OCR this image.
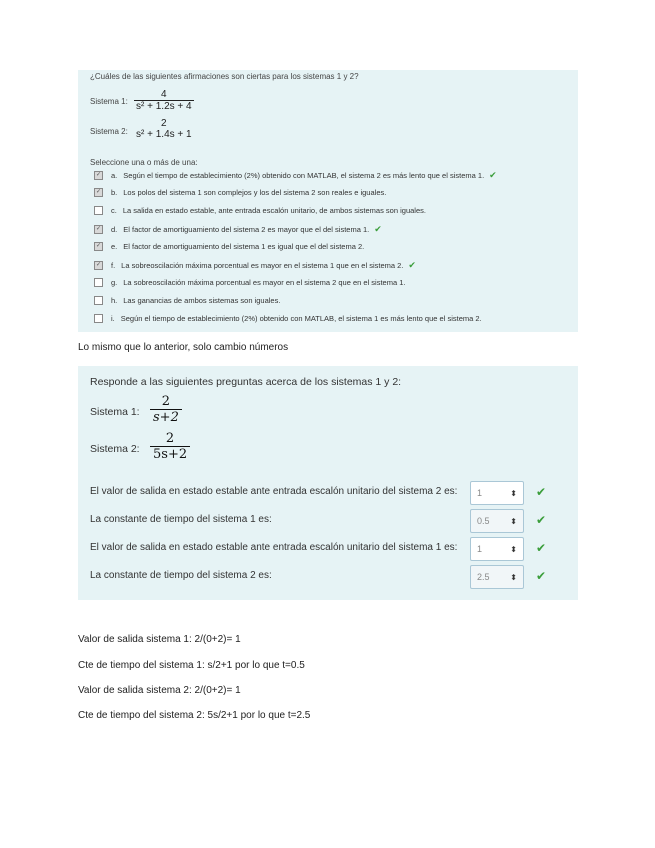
¿Cuáles de las siguientes afirmaciones son ciertas para los sistemas 1 y 2?
Sistema 1: $\frac{4}{\text{s² + 1.2s + 4}}$
Sistema 2:
2
s² + 1.4s + 1
Seleccione una o más de una:
✓ a. Según el tiempo de establecimiento (2%) obtenido con MATLAB, el sistema 2 es más lento que el sistema 1. ✔
✓ b. Los polos del sistema 1 son complejos y los del sistema 2 son reales e iguales.
c. La salida en estado estable, ante entrada escalón unitario, de ambos sistemas son iguales.
✓ d. El factor de amortiguamiento del sistema 2 es mayor que el del sistema 1. ✔
✓ e. El factor de amortiguamiento del sistema 1 es igual que el del sistema 2.
✓ f. La sobreoscilación máxima porcentual es mayor en el sistema 1 que en el sistema 2. ✔
g. La sobreoscilación máxima porcentual es mayor en el sistema 2 que en el sistema 1.
h. Las ganancias de ambos sistemas son iguales.
i. Según el tiempo de establecimiento (2%) obtenido con MATLAB, el sistema 1 es más lento que el sistema 2.
Lo mismo que lo anterior, solo cambio números
Responde a las siguientes preguntas acerca de los sistemas 1 y 2:
Sistema 1: $\frac{2}{s+2}$
Sistema 2: $\frac{2}{5s+2}$
El valor de salida en estado estable ante entrada escalón unitario del sistema 2 es: 1	⬍ ✔
La constante de tiempo del sistema 1 es:	0.5	⬍ ✔
El valor de salida en estado estable ante entrada escalón unitario del sistema 1 es: 1	⬍ ✔
La constante de tiempo del sistema 2 es:	2.5	⬍ ✔
Valor de salida sistema 1: 2/(0+2)= 1
Cte de tiempo del sistema 1: s/2+1 por lo que t=0.5
Valor de salida sistema 2: 2/(0+2)= 1
Cte de tiempo del sistema 2: 5s/2+1 por lo que t=2.5
